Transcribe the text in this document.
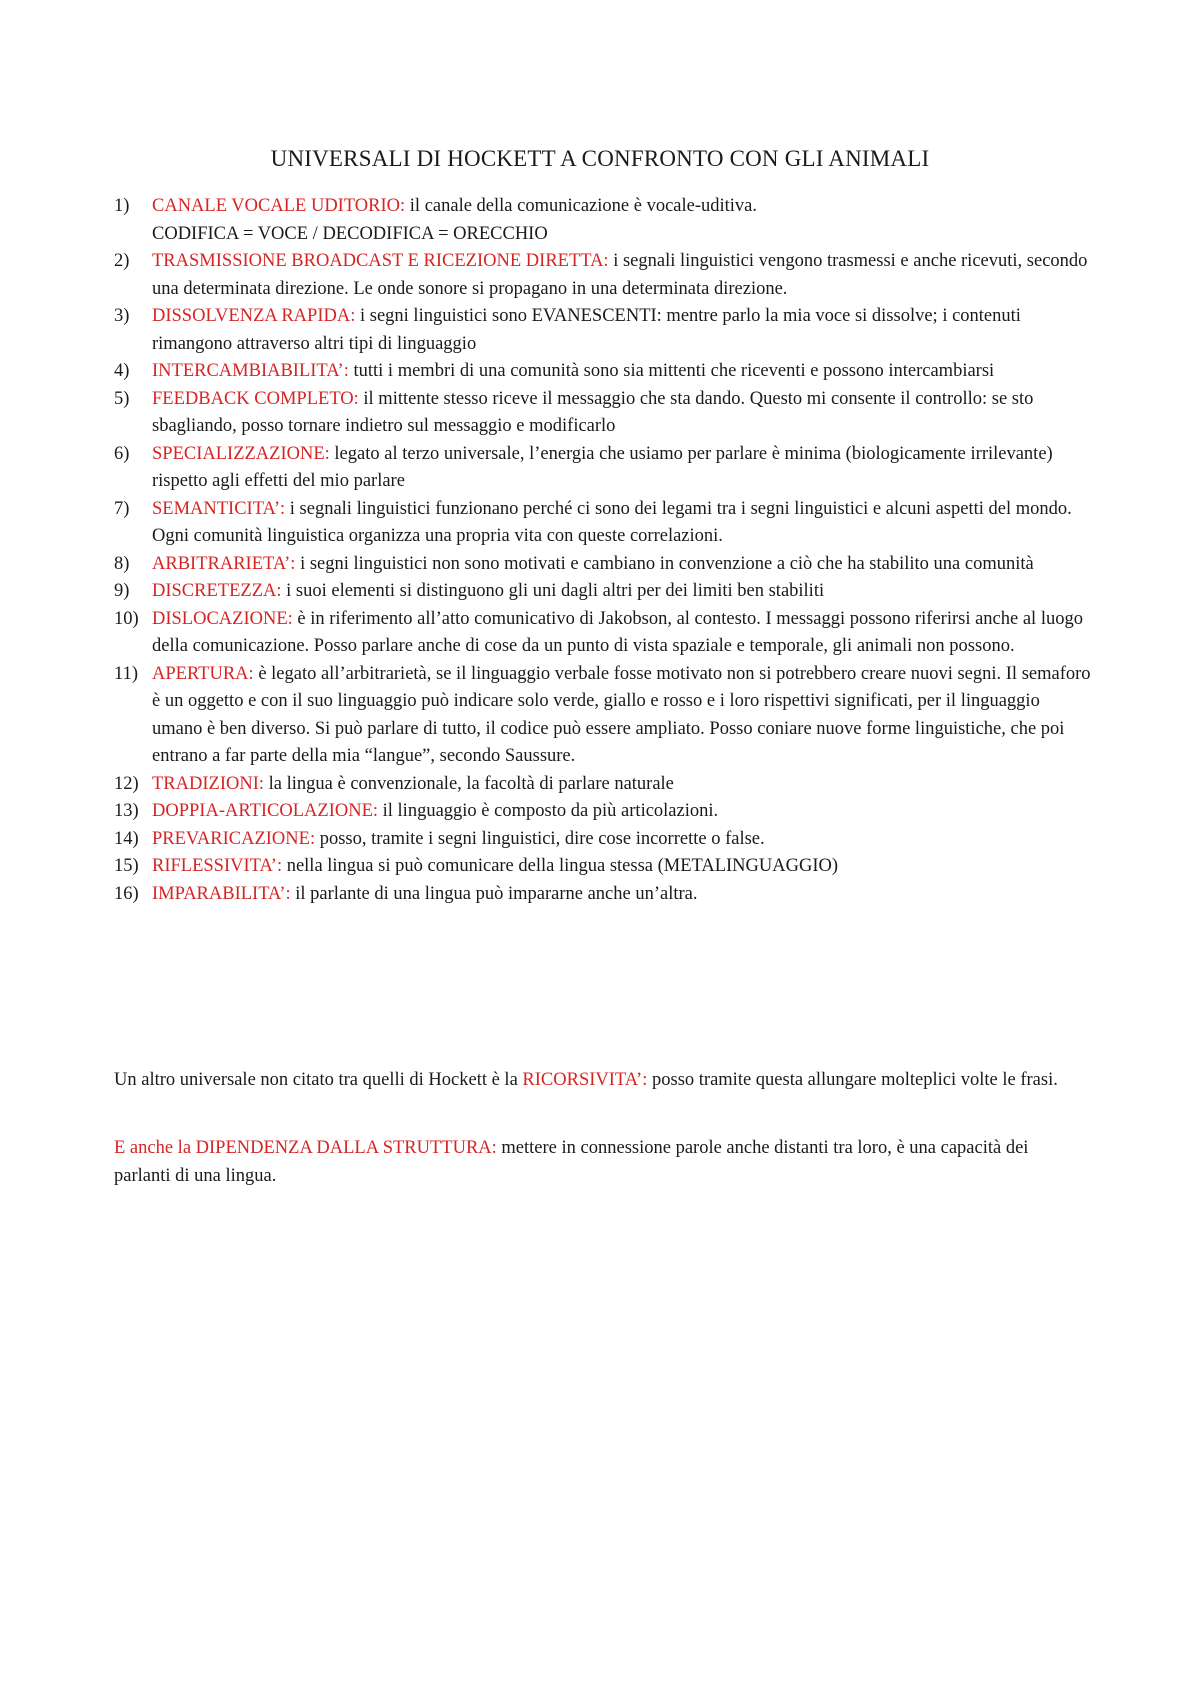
UNIVERSALI DI HOCKETT A CONFRONTO CON GLI ANIMALI
1) CANALE VOCALE UDITORIO: il canale della comunicazione è vocale-uditiva.
CODIFICA = VOCE / DECODIFICA = ORECCHIO
2) TRASMISSIONE BROADCAST E RICEZIONE DIRETTA: i segnali linguistici vengono trasmessi e anche ricevuti, secondo una determinata direzione. Le onde sonore si propagano in una determinata direzione.
3) DISSOLVENZA RAPIDA: i segni linguistici sono EVANESCENTI: mentre parlo la mia voce si dissolve; i contenuti rimangono attraverso altri tipi di linguaggio
4) INTERCAMBIABILITA’: tutti i membri di una comunità sono sia mittenti che riceventi e possono intercambiarsi
5) FEEDBACK COMPLETO: il mittente stesso riceve il messaggio che sta dando. Questo mi consente il controllo: se sto sbagliando, posso tornare indietro sul messaggio e modificarlo
6) SPECIALIZZAZIONE: legato al terzo universale, l’energia che usiamo per parlare è minima (biologicamente irrilevante) rispetto agli effetti del mio parlare
7) SEMANTICITA’: i segnali linguistici funzionano perché ci sono dei legami tra i segni linguistici e alcuni aspetti del mondo. Ogni comunità linguistica organizza una propria vita con queste correlazioni.
8) ARBITRARIETA’: i segni linguistici non sono motivati e cambiano in convenzione a ciò che ha stabilito una comunità
9) DISCRETEZZA: i suoi elementi si distinguono gli uni dagli altri per dei limiti ben stabiliti
10) DISLOCAZIONE: è in riferimento all’atto comunicativo di Jakobson, al contesto. I messaggi possono riferirsi anche al luogo della comunicazione. Posso parlare anche di cose da un punto di vista spaziale e temporale, gli animali non possono.
11) APERTURA: è legato all’arbitrarietà, se il linguaggio verbale fosse motivato non si potrebbero creare nuovi segni. Il semaforo è un oggetto e con il suo linguaggio può indicare solo verde, giallo e rosso e i loro rispettivi significati, per il linguaggio umano è ben diverso. Si può parlare di tutto, il codice può essere ampliato. Posso coniare nuove forme linguistiche, che poi entrano a far parte della mia “langue”, secondo Saussure.
12) TRADIZIONI: la lingua è convenzionale, la facoltà di parlare naturale
13) DOPPIA-ARTICOLAZIONE: il linguaggio è composto da più articolazioni.
14) PREVARICAZIONE: posso, tramite i segni linguistici, dire cose incorrette o false.
15) RIFLESSIVITA’: nella lingua si può comunicare della lingua stessa (METALINGUAGGIO)
16) IMPARABILITA’: il parlante di una lingua può impararne anche un’altra.

Un altro universale non citato tra quelli di Hockett è la RICORSIVITA’: posso tramite questa allungare molteplici volte le frasi.

E anche la DIPENDENZA DALLA STRUTTURA: mettere in connessione parole anche distanti tra loro, è una capacità dei parlanti di una lingua.
